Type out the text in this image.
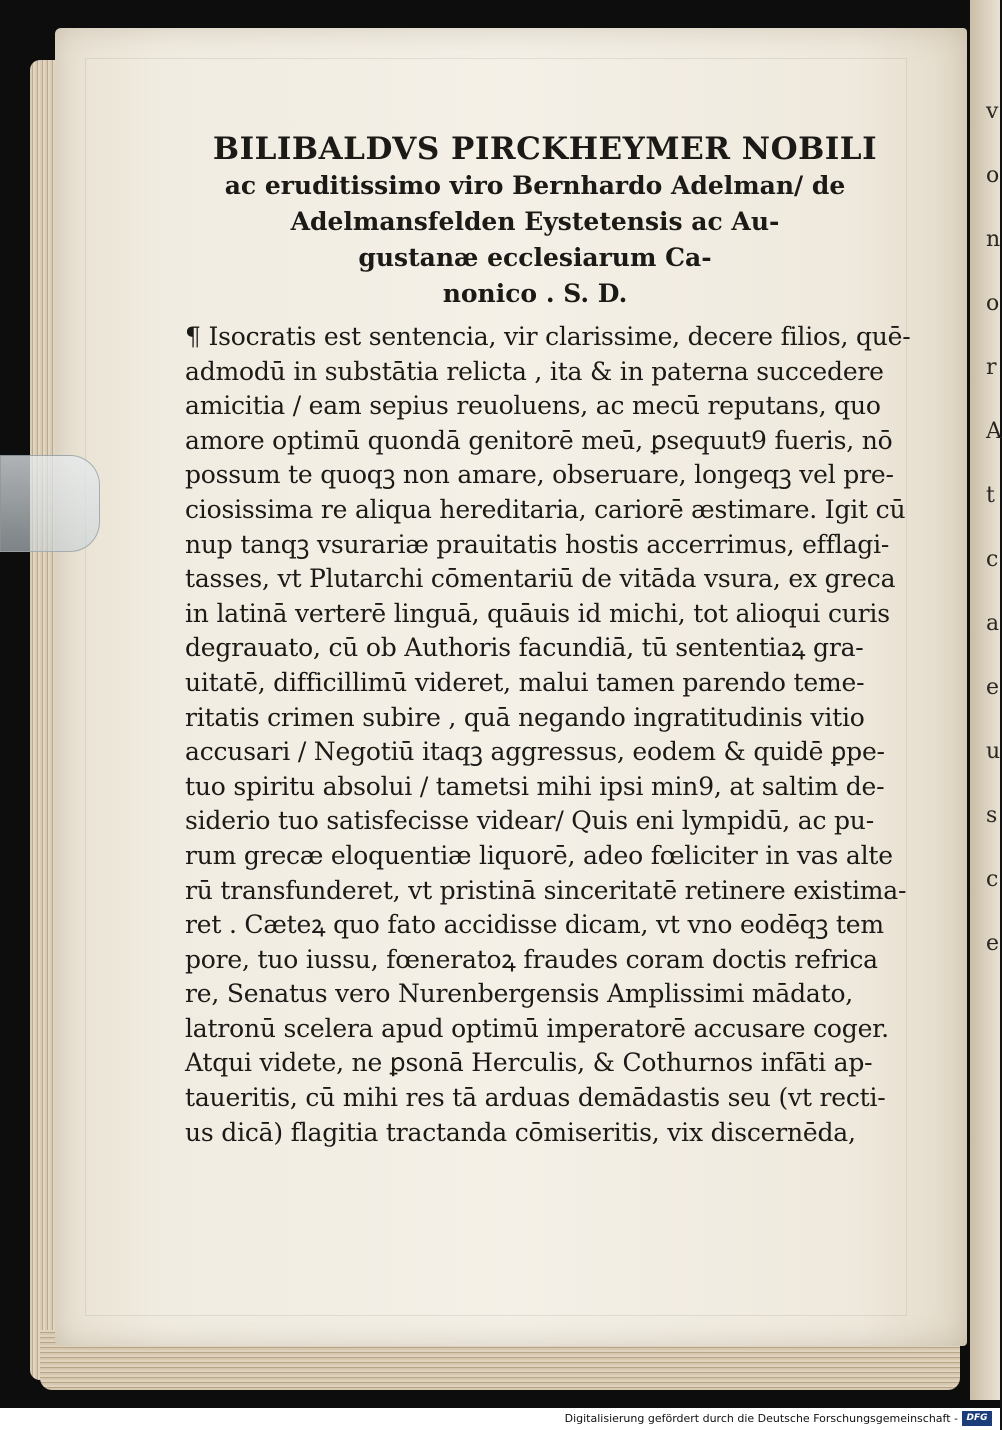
v
o
n
o
r
A
t
c
a
e
u
s
c
e
BILIBALDVS PIRCKHEYMER NOBILI
ac eruditissimo viro Bernhardo Adelman/ de
Adelmansfelden Eystetensis ac Au-
gustanæ ecclesiarum Ca-
nonico . S. D.
¶ Isocratis est sentencia, vir clarissime, decere filios, quē-
admodū in substātia relicta , ita & in paterna succedere
amicitia / eam sepius reuoluens, ac mecū reputans, quo
amore optimū quondā genitorē meū, ꝑsequut9 fueris, nō
possum te quoqꝫ non amare, obseruare, longeqꝫ vel pre-
ciosissima re aliqua hereditaria, cariorē æstimare. Igit cū
nup tanqꝫ vsurariæ prauitatis hostis accerrimus, efflagi-
tasses, vt Plutarchi cōmentariū de vitāda vsura, ex greca
in latinā verterē linguā, quāuis id michi, tot alioqui curis
degrauato, cū ob Authoris facundiā, tū sententiaꝝ gra-
uitatē, difficillimū videret, malui tamen parendo teme-
ritatis crimen subire , quā negando ingratitudinis vitio
accusari / Negotiū itaqꝫ aggressus, eodem & quidē ꝑpe-
tuo spiritu absolui / tametsi mihi ipsi min9, at saltim de-
siderio tuo satisfecisse videar/ Quis eni lympidū, ac pu-
rum grecæ eloquentiæ liquorē, adeo fœliciter in vas alte
rū transfunderet, vt pristinā sinceritatē retinere existima-
ret . Cæteꝝ quo fato accidisse dicam, vt vno eodēqꝫ tem
pore, tuo iussu, fœneratoꝝ fraudes coram doctis refrica
re, Senatus vero Nurenbergensis Amplissimi mādato,
latronū scelera apud optimū imperatorē accusare coger.
Atqui videte, ne ꝑsonā Herculis, & Cothurnos infāti ap-
taueritis, cū mihi res tā arduas demādastis seu (vt recti-
us dicā) flagitia tractanda cōmiseritis, vix discernēda,
Digitalisierung gefördert durch die Deutsche Forschungsgemeinschaft - DFG
